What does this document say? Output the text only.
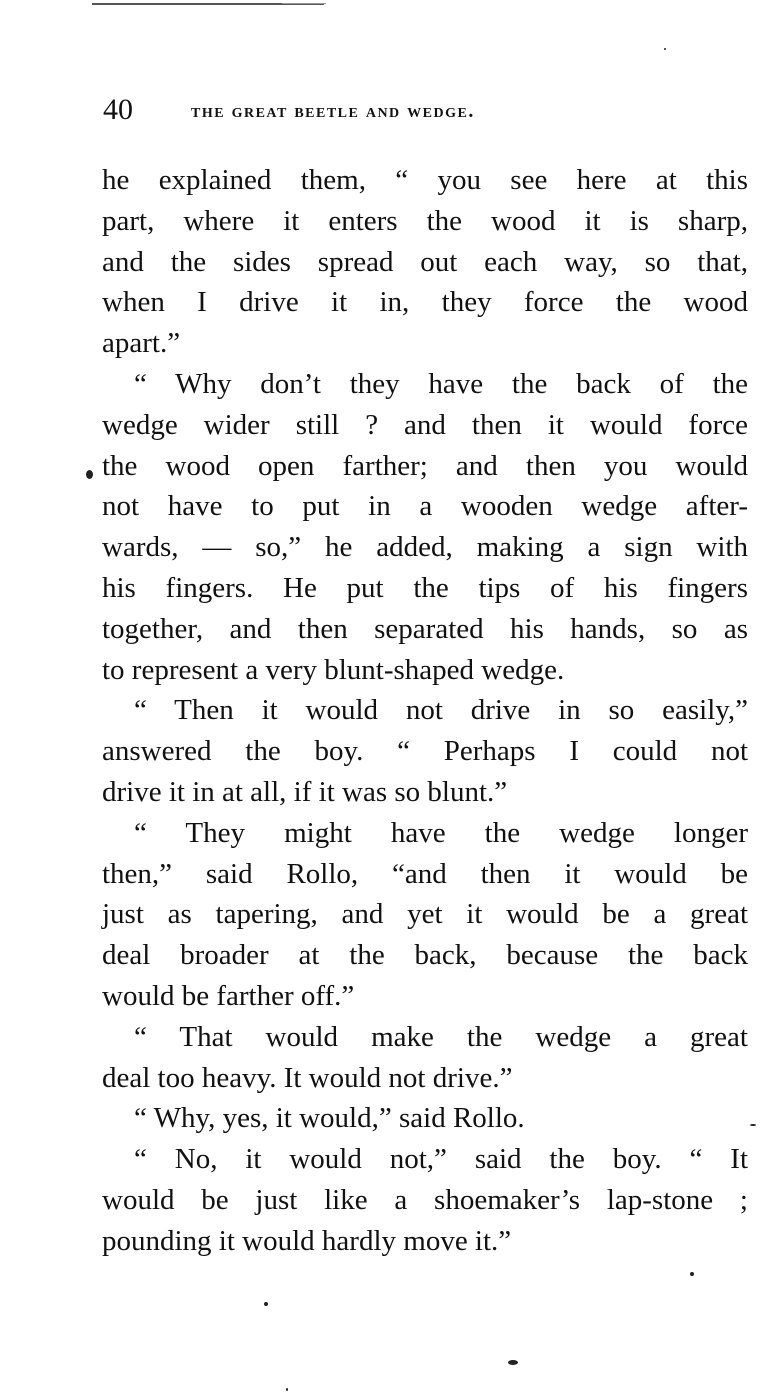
40	the great beetle and wedge.
he explained them, “ you see here at this
part, where it enters the wood it is sharp,
and the sides spread out each way, so that,
when I drive it in, they force the wood
apart.”
“ Why don’t they have the back of the
wedge wider still ? and then it would force
the wood open farther; and then you would
not have to put in a wooden wedge after-
wards, — so,” he added, making a sign with
his fingers. He put the tips of his fingers
together, and then separated his hands, so as
to represent a very blunt-shaped wedge.
“ Then it would not drive in so easily,”
answered the boy. “ Perhaps I could not
drive it in at all, if it was so blunt.”
“ They might have the wedge longer
then,” said Rollo, “and then it would be
just as tapering, and yet it would be a great
deal broader at the back, because the back
would be farther off.”
“ That would make the wedge a great
deal too heavy. It would not drive.”
“ Why, yes, it would,” said Rollo.
“ No, it would not,” said the boy. “ It
would be just like a shoemaker’s lap-stone ;
pounding it would hardly move it.”
